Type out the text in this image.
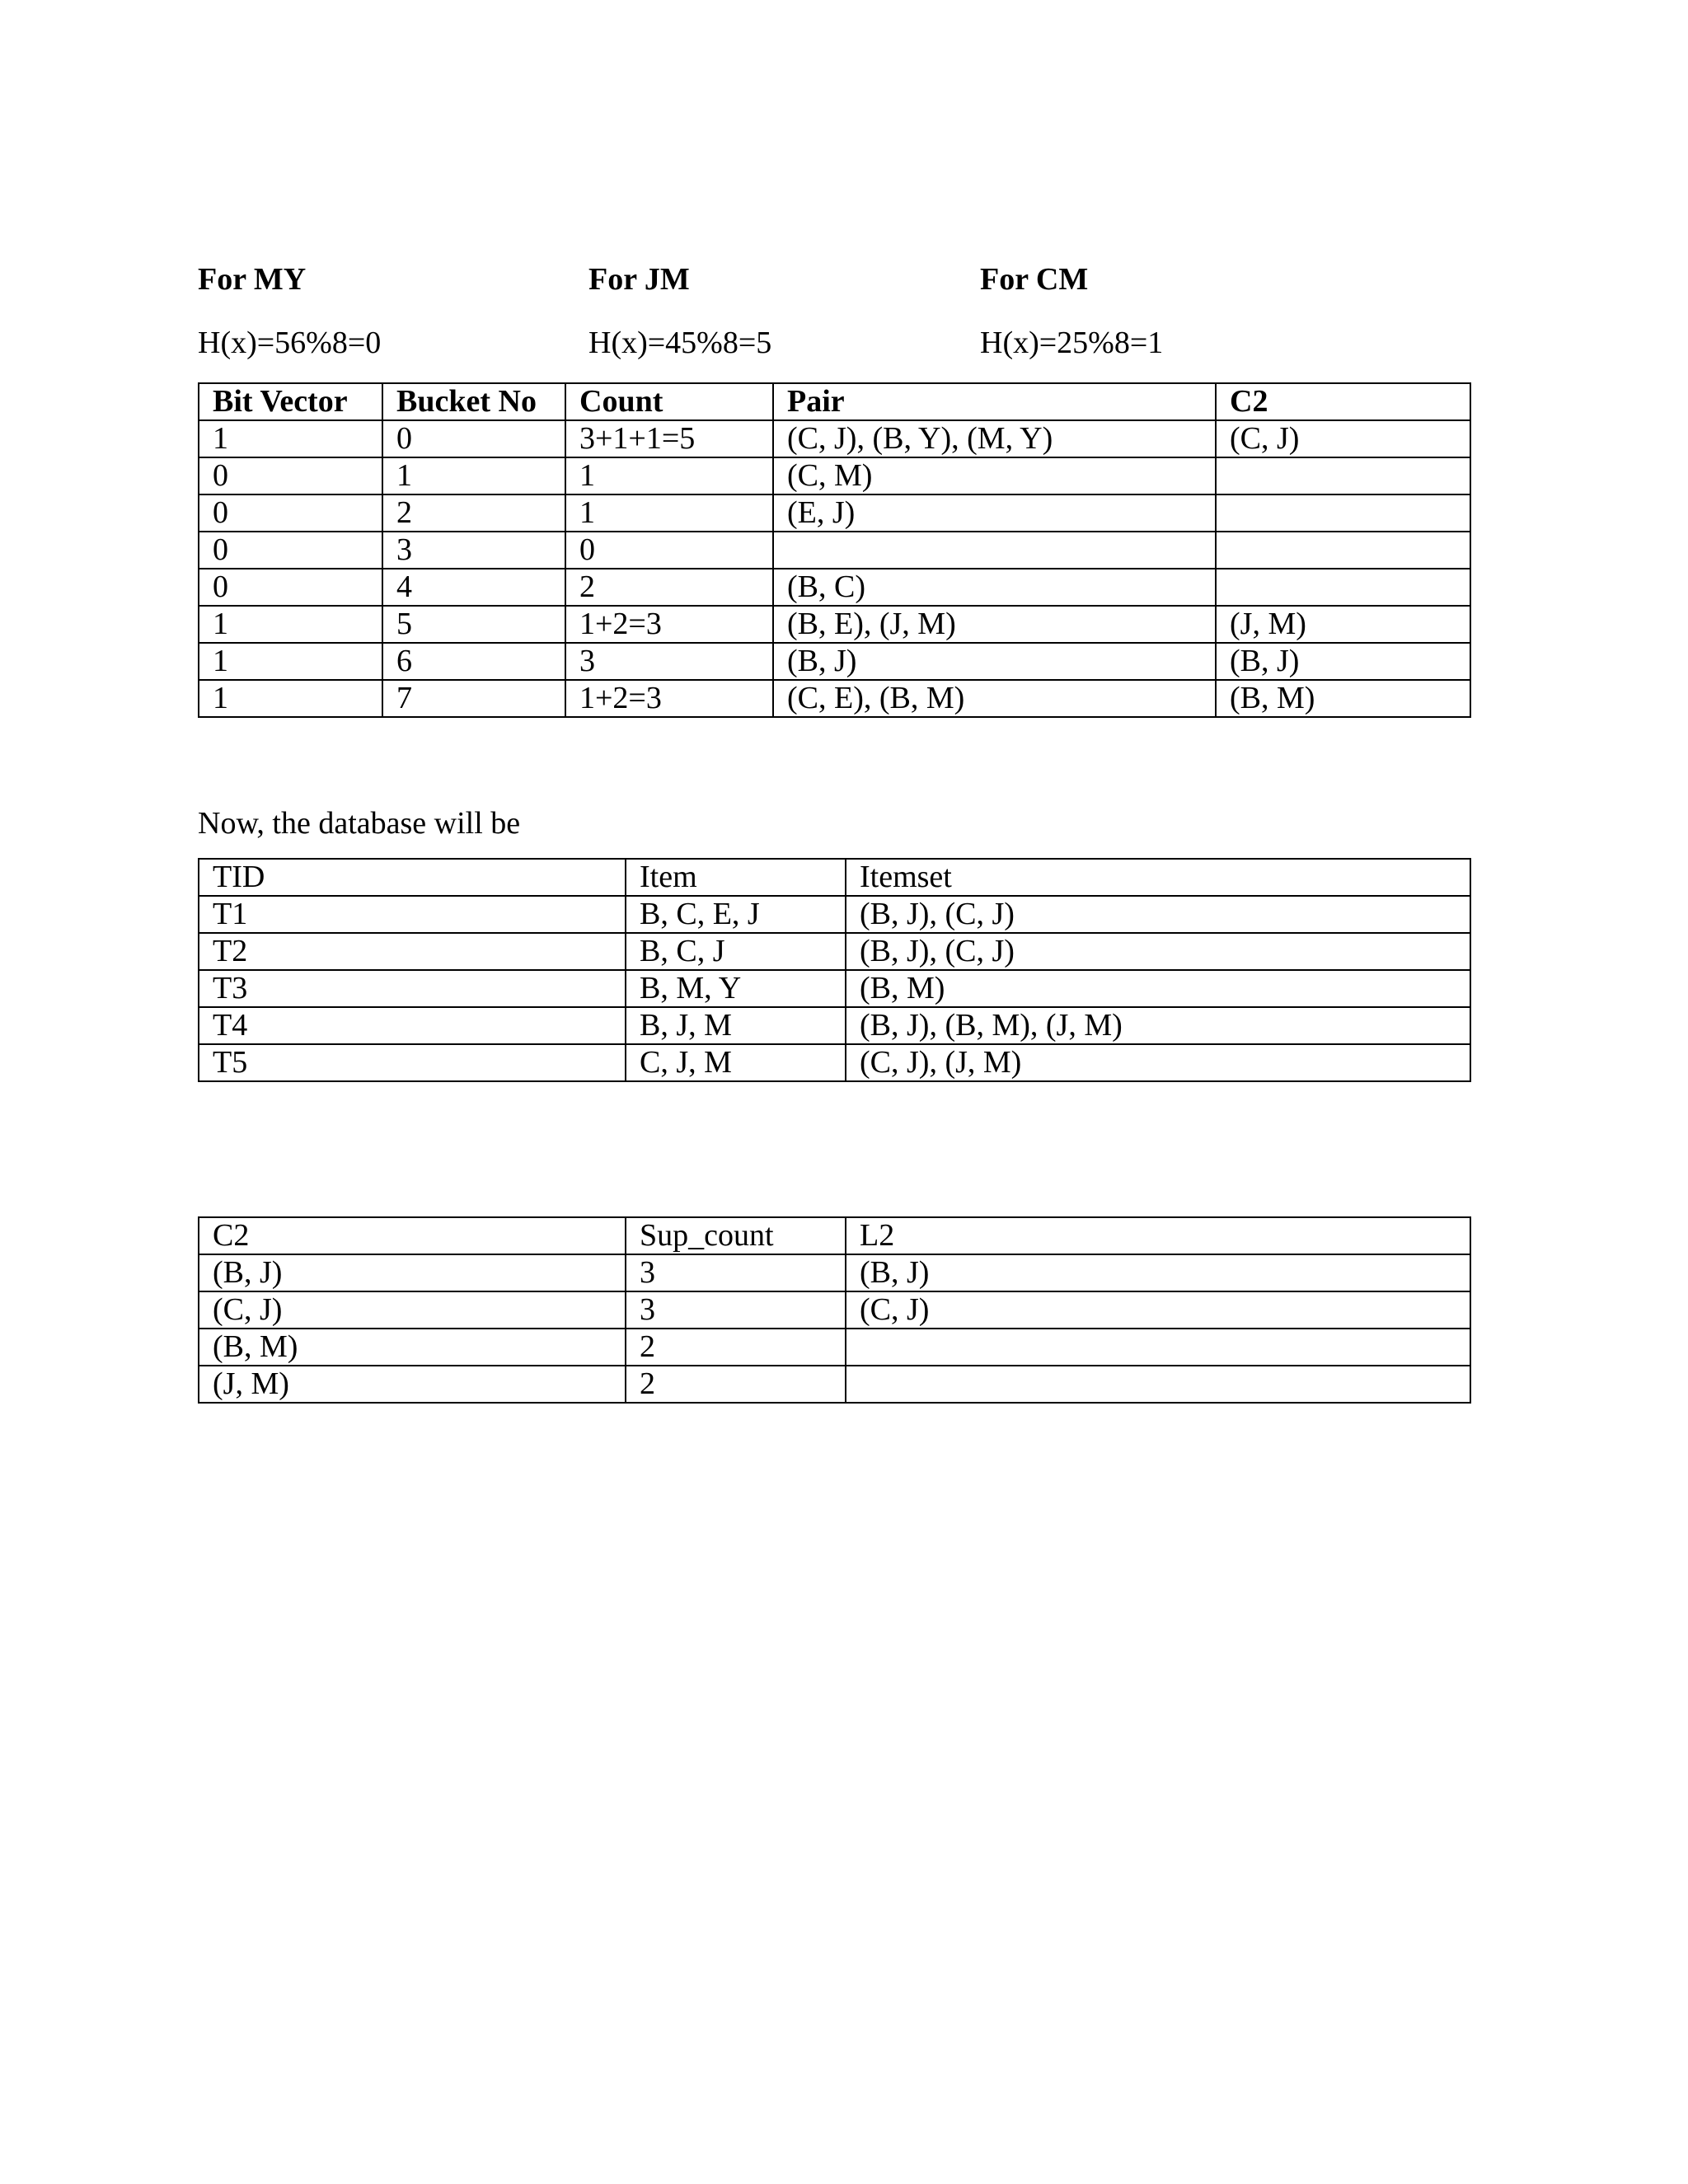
For MY	For JM	For CM
H(x)=56%8=0	H(x)=45%8=5	H(x)=25%8=1
Bit Vector	Bucket No	Count	Pair	C2
1	0	3+1+1=5	(C, J), (B, Y), (M, Y)	(C, J)
0	1	1	(C, M)	
0	2	1	(E, J)	
0	3	0		
0	4	2	(B, C)	
1	5	1+2=3	(B, E), (J, M)	(J, M)
1	6	3	(B, J)	(B, J)
1	7	1+2=3	(C, E), (B, M)	(B, M)
Now, the database will be
TID	Item	Itemset
T1	B, C, E, J	(B, J), (C, J)
T2	B, C, J	(B, J), (C, J)
T3	B, M, Y	(B, M)
T4	B, J, M	(B, J), (B, M), (J, M)
T5	C, J, M	(C, J), (J, M)
C2	Sup_count	L2
(B, J)	3	(B, J)
(C, J)	3	(C, J)
(B, M)	2	
(J, M)	2	
